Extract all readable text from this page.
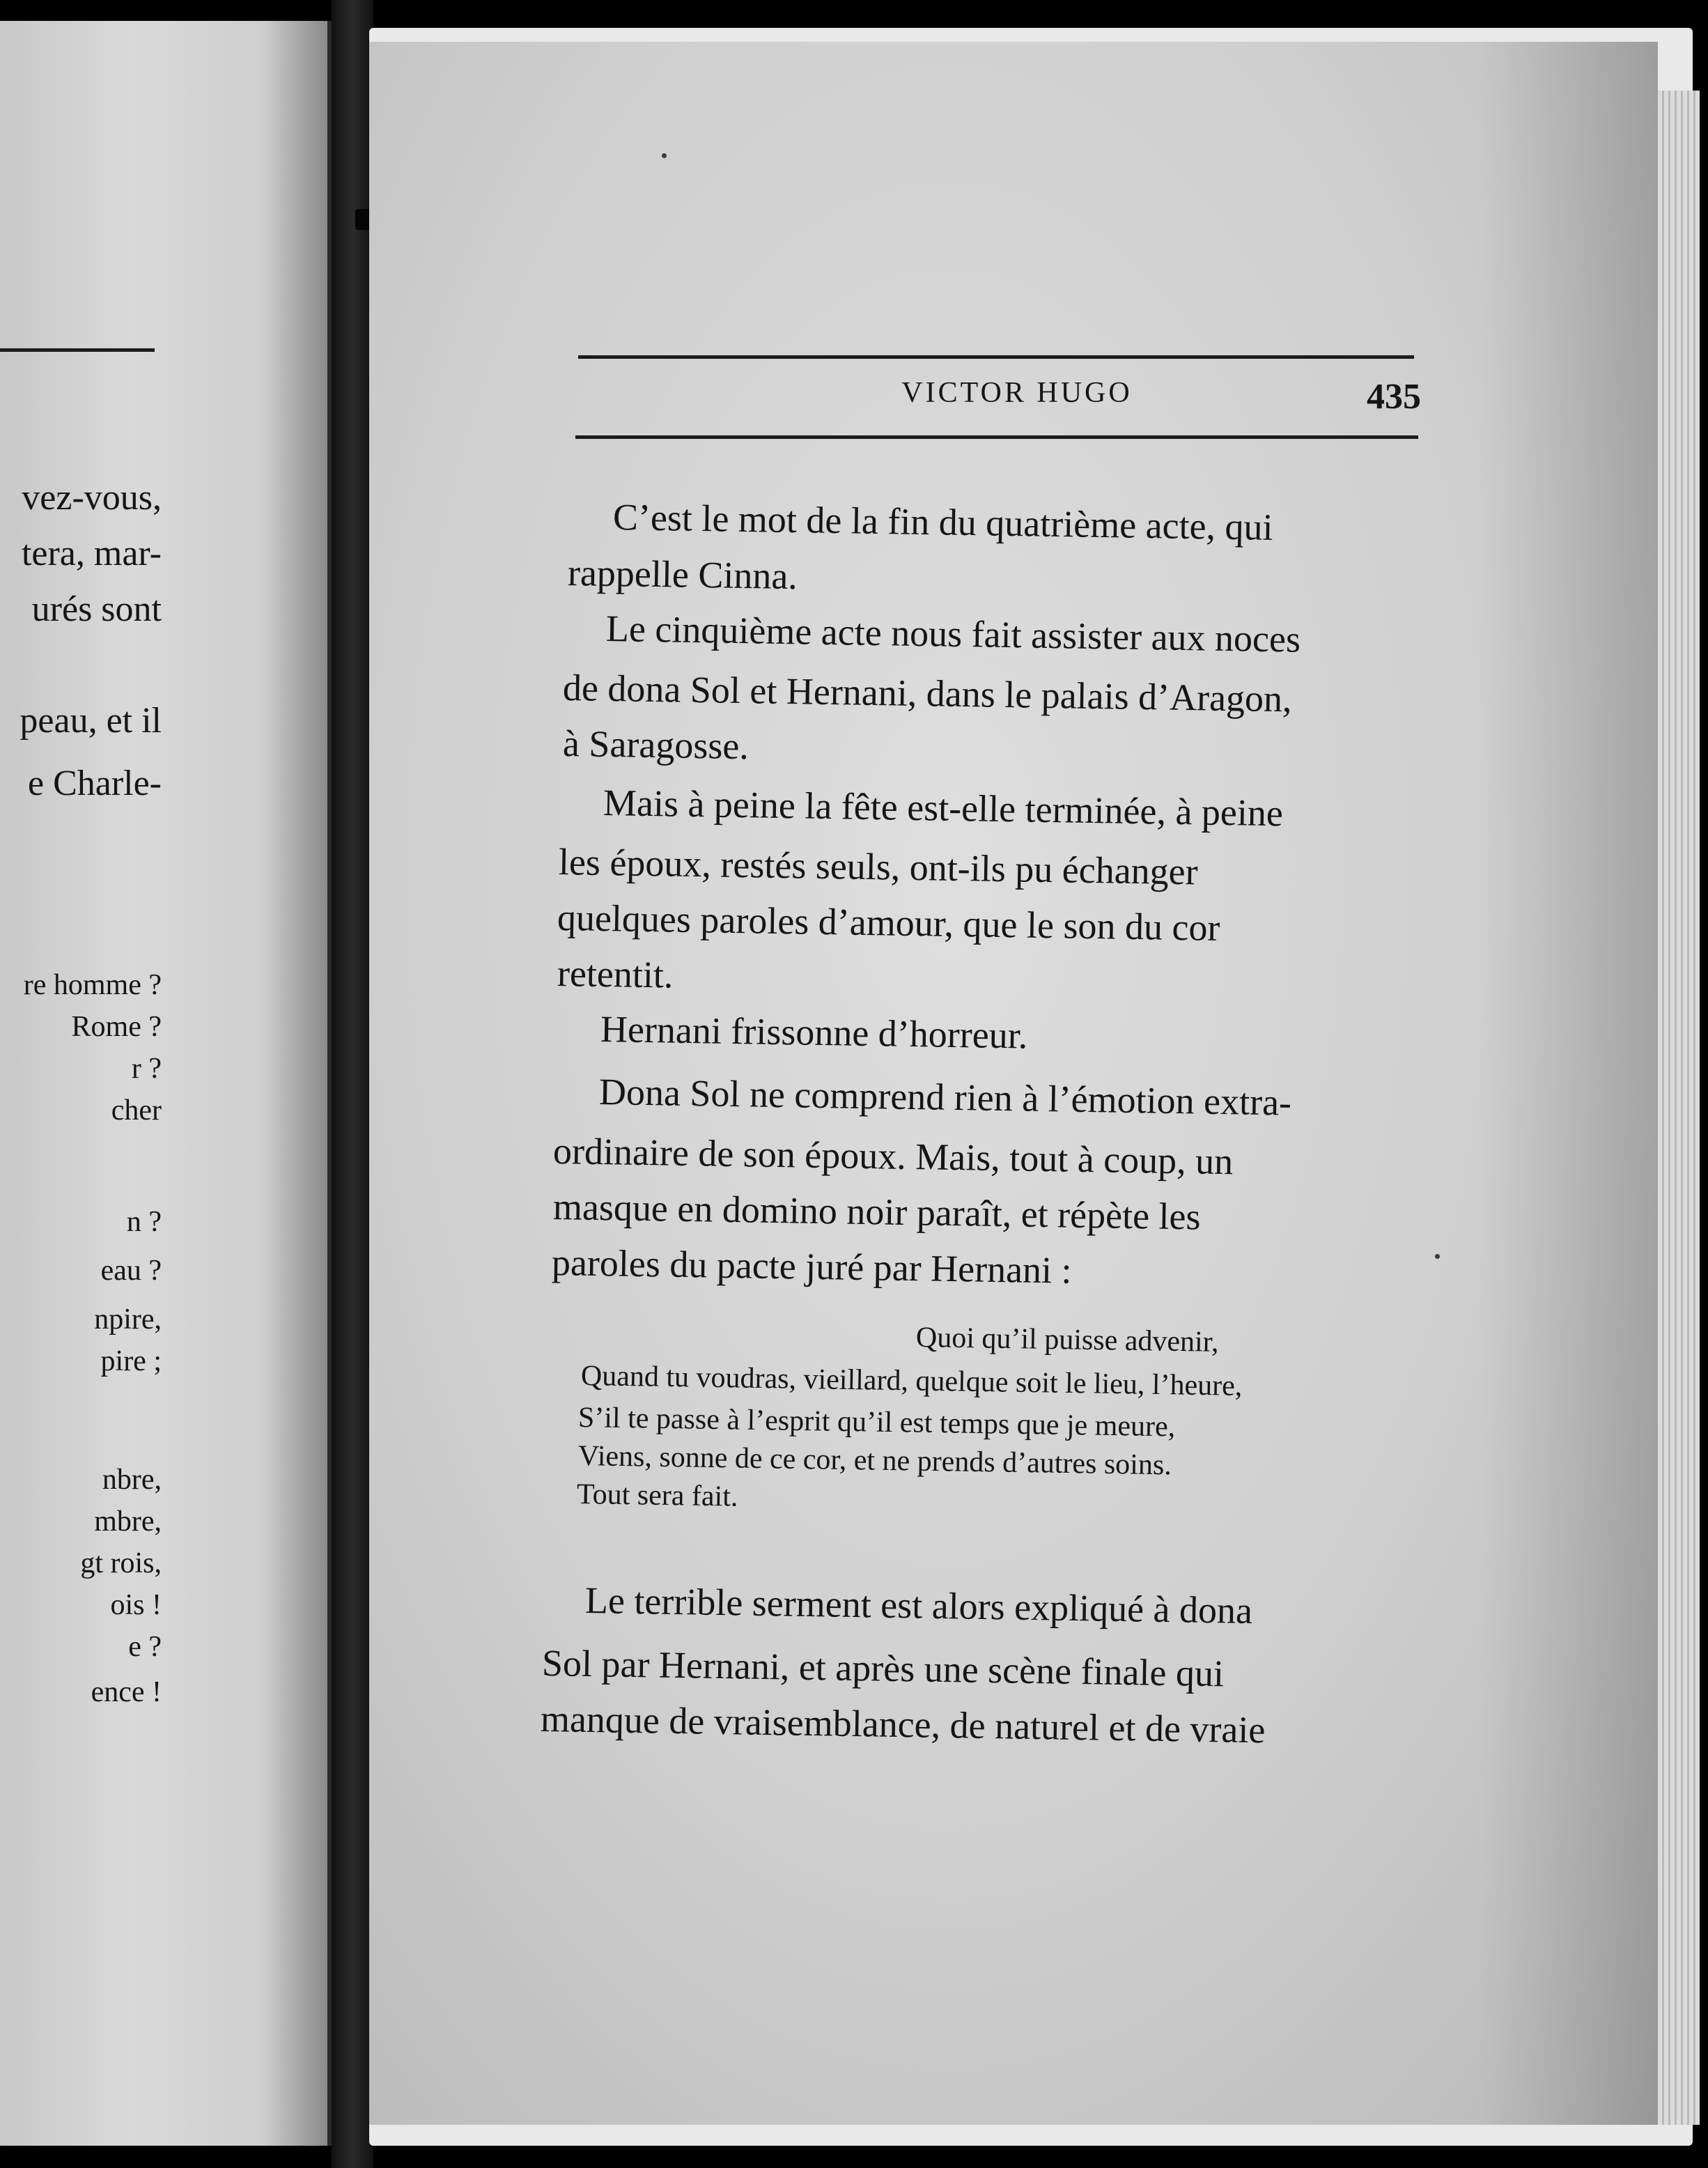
vez-vous,
tera, mar-
urés sont
peau, et il
e Charle-
re homme ?
Rome ?
r ?
cher
n ?
eau ?
npire,
pire ;
nbre,
mbre,
gt rois,
ois !
e ?
ence !
VICTOR HUGO	435
C’est le mot de la fin du quatrième acte, qui
rappelle Cinna.
Le cinquième acte nous fait assister aux noces
de dona Sol et Hernani, dans le palais d’Aragon,
à Saragosse.
Mais à peine la fête est-elle terminée, à peine
les époux, restés seuls, ont-ils pu échanger
quelques paroles d’amour, que le son du cor
retentit.
Hernani frissonne d’horreur.
Dona Sol ne comprend rien à l’émotion extra-
ordinaire de son époux. Mais, tout à coup, un
masque en domino noir paraît, et répète les
paroles du pacte juré par Hernani :
Quoi qu’il puisse advenir,
Quand tu voudras, vieillard, quelque soit le lieu, l’heure,
S’il te passe à l’esprit qu’il est temps que je meure,
Viens, sonne de ce cor, et ne prends d’autres soins.
Tout sera fait.
Le terrible serment est alors expliqué à dona
Sol par Hernani, et après une scène finale qui
manque de vraisemblance, de naturel et de vraie
